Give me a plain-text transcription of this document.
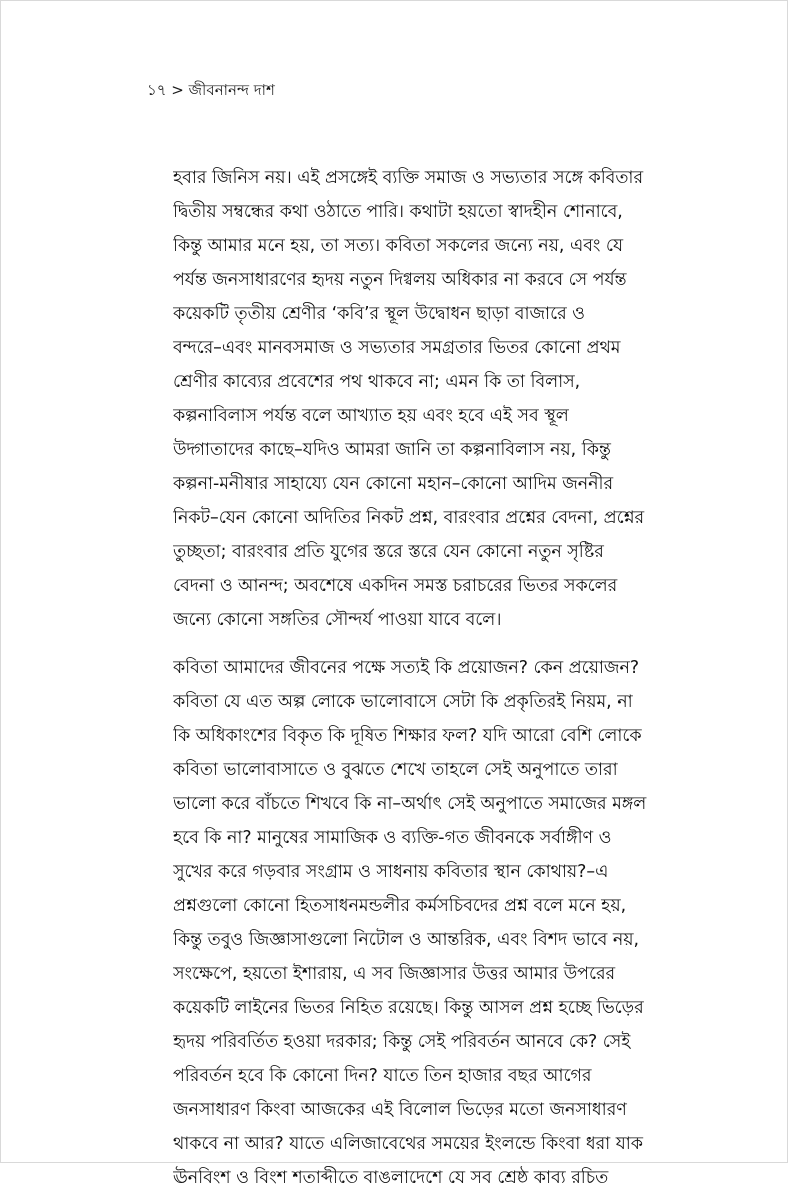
১৭ > জীবনানন্দ দাশ
হবার জিনিস নয়। এই প্রসঙ্গেই ব্যক্তি সমাজ ও সভ্যতার সঙ্গে কবিতার
দ্বিতীয় সম্বন্ধের কথা ওঠাতে পারি। কথাটা হয়তো স্বাদহীন শোনাবে,
কিন্তু আমার মনে হয়, তা সত্য। কবিতা সকলের জন্যে নয়, এবং যে
পর্যন্ত জনসাধারণের হৃদয় নতুন দিগ্বলয় অধিকার না করবে সে পর্যন্ত
কয়েকটি তৃতীয় শ্রেণীর ‘কবি’র স্থূল উদ্বোধন ছাড়া বাজারে ও
বন্দরে–এবং মানবসমাজ ও সভ্যতার সমগ্রতার ভিতর কোনো প্রথম
শ্রেণীর কাব্যের প্রবেশের পথ থাকবে না; এমন কি তা বিলাস,
কল্পনাবিলাস পর্যন্ত বলে আখ্যাত হয় এবং হবে এই সব স্থূল
উদ্গাতাদের কাছে–যদিও আমরা জানি তা কল্পনাবিলাস নয়, কিন্তু
কল্পনা-মনীষার সাহায্যে যেন কোনো মহান–কোনো আদিম জননীর
নিকট–যেন কোনো অদিতির নিকট প্রশ্ন, বারংবার প্রশ্নের বেদনা, প্রশ্নের
তুচ্ছতা; বারংবার প্রতি যুগের স্তরে স্তরে যেন কোনো নতুন সৃষ্টির
বেদনা ও আনন্দ; অবশেষে একদিন সমস্ত চরাচরের ভিতর সকলের
জন্যে কোনো সঙ্গতির সৌন্দর্য পাওয়া যাবে বলে।
কবিতা আমাদের জীবনের পক্ষে সত্যই কি প্রয়োজন? কেন প্রয়োজন?
কবিতা যে এত অল্প লোকে ভালোবাসে সেটা কি প্রকৃতিরই নিয়ম, না
কি অধিকাংশের বিকৃত কি দূষিত শিক্ষার ফল? যদি আরো বেশি লোকে
কবিতা ভালোবাসাতে ও বুঝতে শেখে তাহলে সেই অনুপাতে তারা
ভালো করে বাঁচতে শিখবে কি না–অর্থাৎ সেই অনুপাতে সমাজের মঙ্গল
হবে কি না? মানুষের সামাজিক ও ব্যক্তি-গত জীবনকে সর্বাঙ্গীণ ও
সুখের করে গড়বার সংগ্রাম ও সাধনায় কবিতার স্থান কোথায়?–এ
প্রশ্নগুলো কোনো হিতসাধনমন্ডলীর কর্মসচিবদের প্রশ্ন বলে মনে হয়,
কিন্তু তবুও জিজ্ঞাসাগুলো নিটোল ও আন্তরিক, এবং বিশদ ভাবে নয়,
সংক্ষেপে, হয়তো ইশারায়, এ সব জিজ্ঞাসার উত্তর আমার উপরের
কয়েকটি লাইনের ভিতর নিহিত রয়েছে। কিন্তু আসল প্রশ্ন হচ্ছে ভিড়ের
হৃদয় পরিবর্তিত হওয়া দরকার; কিন্তু সেই পরিবর্তন আনবে কে? সেই
পরিবর্তন হবে কি কোনো দিন? যাতে তিন হাজার বছর আগের
জনসাধারণ কিংবা আজকের এই বিলোল ভিড়ের মতো জনসাধারণ
থাকবে না আর? যাতে এলিজাবেথের সময়ের ইংলন্ডে কিংবা ধরা যাক
ঊনবিংশ ও বিংশ শতাব্দীতে বাঙলাদেশে যে সব শ্রেষ্ঠ কাব্য রচিত
